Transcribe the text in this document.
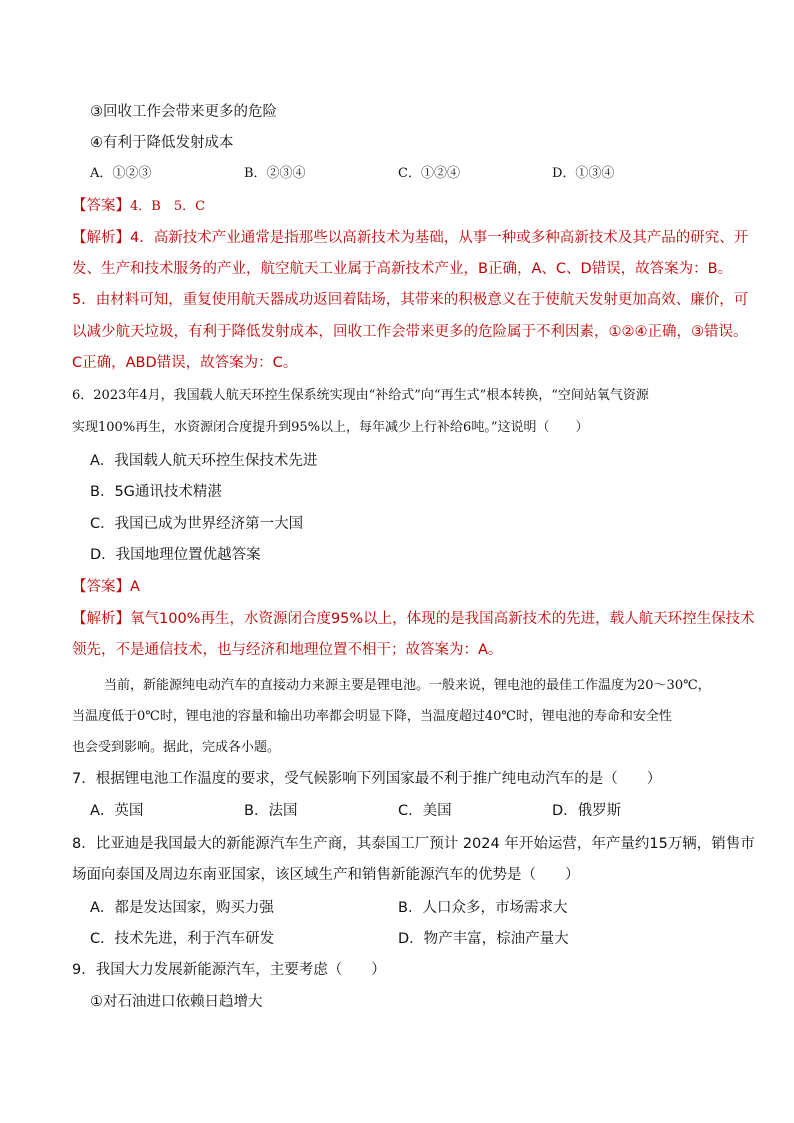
③回收工作会带来更多的危险
④有利于降低发射成本
A．①②③	B．②③④	C．①②④	D．①③④
【答案】4．B　5．C
【解析】4．高新技术产业通常是指那些以高新技术为基础，从事一种或多种高新技术及其产品的研究、开
发、生产和技术服务的产业，航空航天工业属于高新技术产业，B正确，A、C、D错误，故答案为：B。
5．由材料可知，重复使用航天器成功返回着陆场，其带来的积极意义在于使航天发射更加高效、廉价，可
以减少航天垃圾，有利于降低发射成本，回收工作会带来更多的危险属于不利因素，①②④正确，③错误。
C正确，ABD错误，故答案为：C。
6．2023年4月，我国载人航天环控生保系统实现由“补给式”向“再生式”根本转换，“空间站氧气资源
实现100%再生，水资源闭合度提升到95%以上，每年减少上行补给6吨。”这说明（　　）
A．我国载人航天环控生保技术先进
B．5G通讯技术精湛
C．我国已成为世界经济第一大国
D．我国地理位置优越答案
【答案】A
【解析】氧气100%再生，水资源闭合度95%以上，体现的是我国高新技术的先进，载人航天环控生保技术
领先，不是通信技术，也与经济和地理位置不相干；故答案为：A。
当前，新能源纯电动汽车的直接动力来源主要是锂电池。一般来说，锂电池的最佳工作温度为20～30℃，
当温度低于0℃时，锂电池的容量和输出功率都会明显下降，当温度超过40℃时，锂电池的寿命和安全性
也会受到影响。据此，完成各小题。
7．根据锂电池工作温度的要求，受气候影响下列国家最不利于推广纯电动汽车的是（　　）
A．英国	B．法国	C．美国	D．俄罗斯
8．比亚迪是我国最大的新能源汽车生产商，其泰国工厂预计 2024 年开始运营，年产量约15万辆，销售市
场面向泰国及周边东南亚国家，该区域生产和销售新能源汽车的优势是（　　）
A．都是发达国家，购买力强	B．人口众多，市场需求大
C．技术先进，利于汽车研发	D．物产丰富，棕油产量大
9．我国大力发展新能源汽车，主要考虑（　　）
①对石油进口依赖日趋增大
